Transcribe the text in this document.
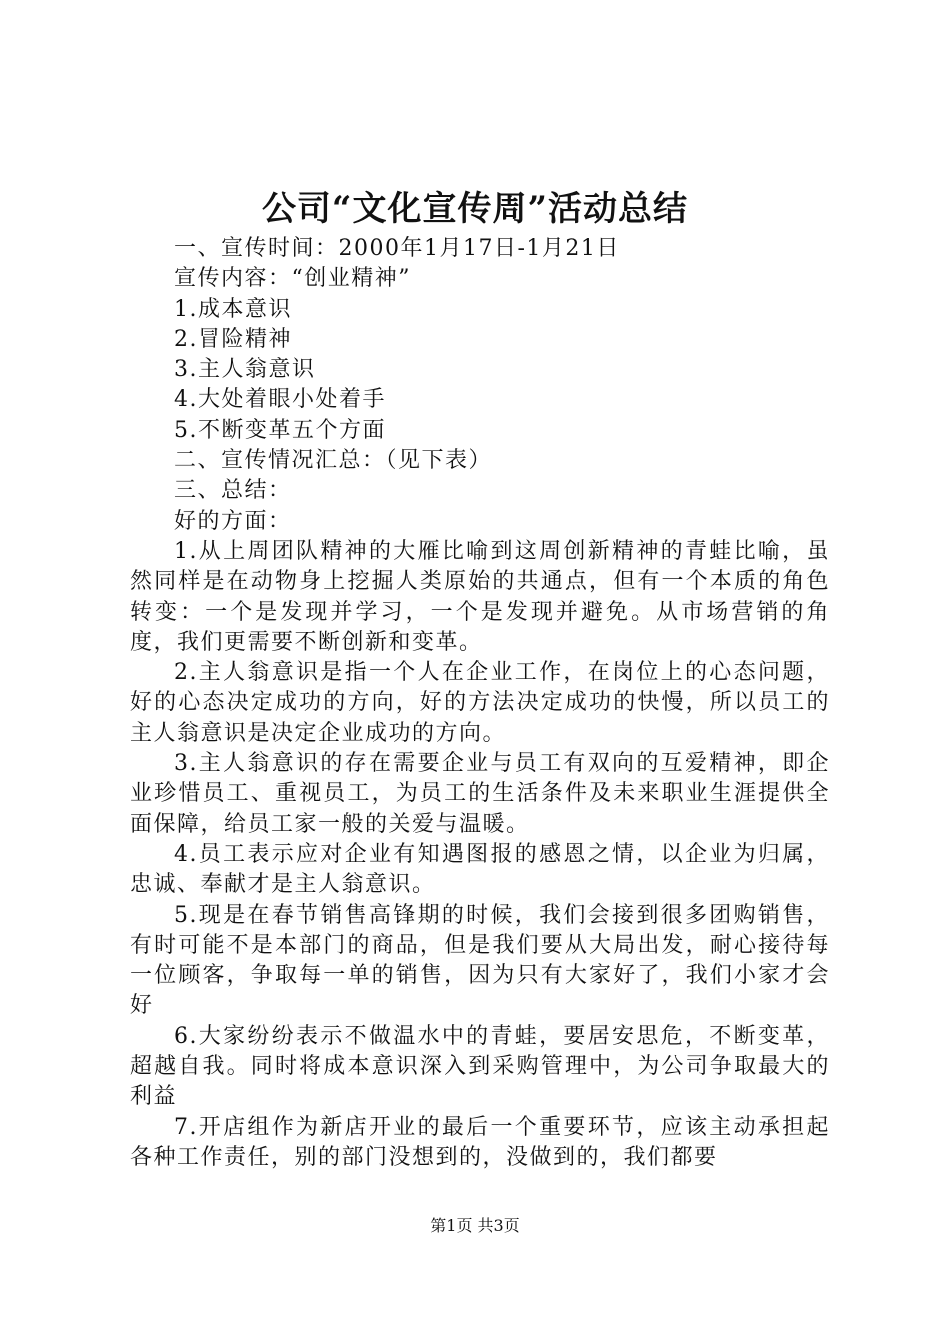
公司“文化宣传周”活动总结
一、宣传时间：2000年1月17日-1月21日
宣传内容：“创业精神”
1.成本意识
2.冒险精神
3.主人翁意识
4.大处着眼小处着手
5.不断变革五个方面
二、宣传情况汇总：（见下表）
三、总结：
好的方面：
1.从上周团队精神的大雁比喻到这周创新精神的青蛙比喻，虽然同样是在动物身上挖掘人类原始的共通点，但有一个本质的角色转变：一个是发现并学习，一个是发现并避免。从市场营销的角度，我们更需要不断创新和变革。
2.主人翁意识是指一个人在企业工作，在岗位上的心态问题，好的心态决定成功的方向，好的方法决定成功的快慢，所以员工的主人翁意识是决定企业成功的方向。
3.主人翁意识的存在需要企业与员工有双向的互爱精神，即企业珍惜员工、重视员工，为员工的生活条件及未来职业生涯提供全面保障，给员工家一般的关爱与温暖。
4.员工表示应对企业有知遇图报的感恩之情，以企业为归属，忠诚、奉献才是主人翁意识。
5.现是在春节销售高锋期的时候，我们会接到很多团购销售，有时可能不是本部门的商品，但是我们要从大局出发，耐心接待每一位顾客，争取每一单的销售，因为只有大家好了，我们小家才会好
6.大家纷纷表示不做温水中的青蛙，要居安思危，不断变革，超越自我。同时将成本意识深入到采购管理中，为公司争取最大的利益
7.开店组作为新店开业的最后一个重要环节，应该主动承担起各种工作责任，别的部门没想到的，没做到的，我们都要
第1页 共3页
